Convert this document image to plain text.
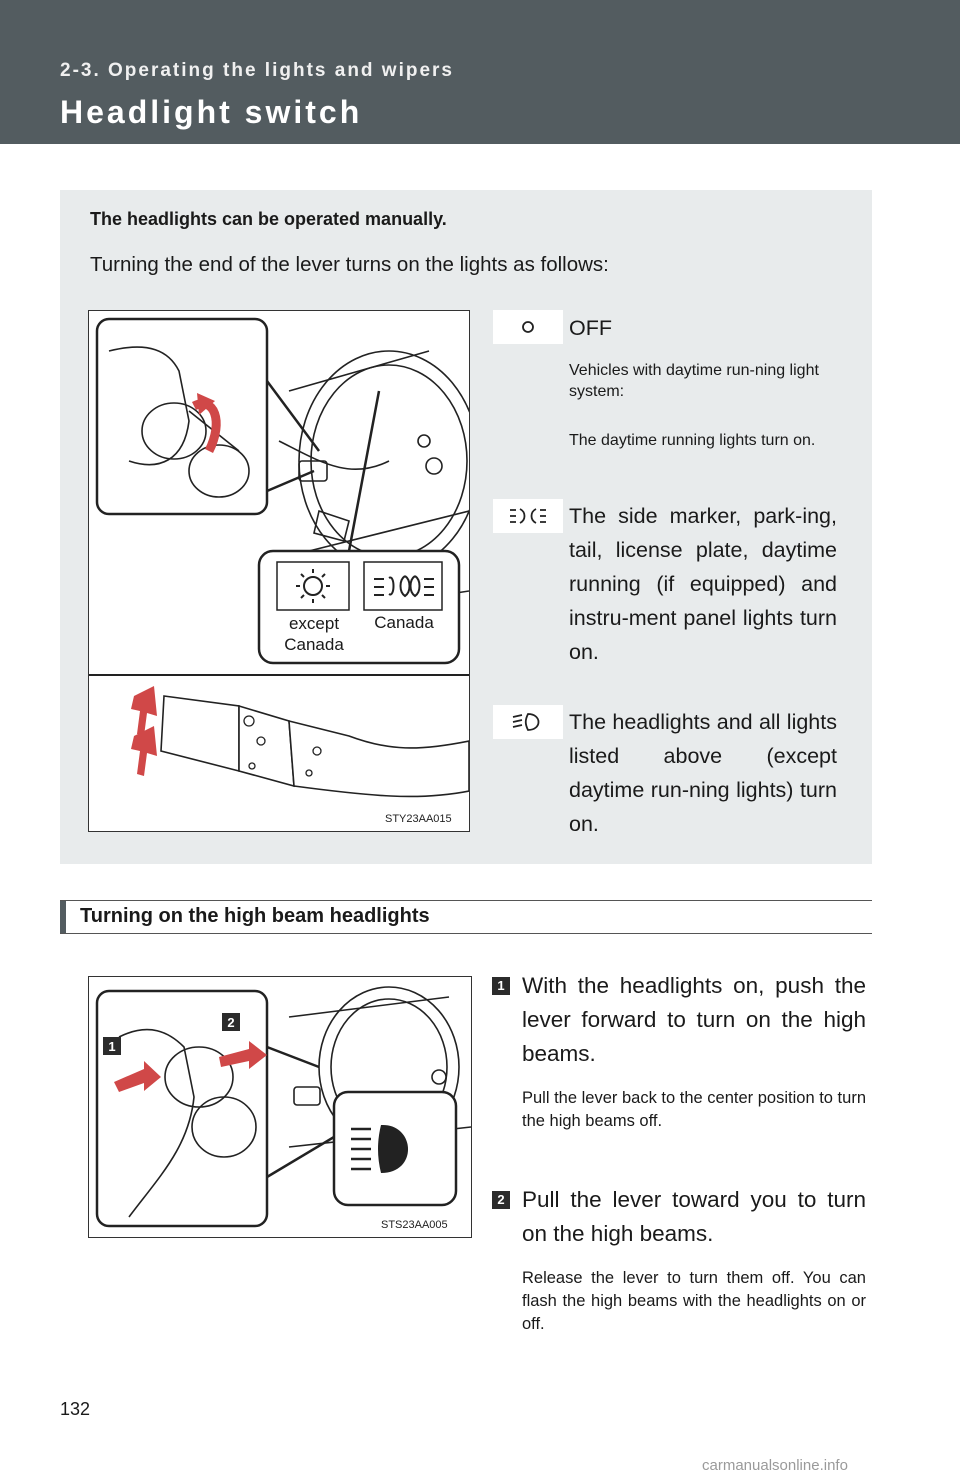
2-3. Operating the lights and wipers
Headlight switch
The headlights can be operated manually.
Turning the end of the lever turns on the lights as follows:
STY23AA015
except
Canada
Canada
OFF
Vehicles with daytime run-ning light system:
The daytime running lights turn on.
The side marker, park-ing, tail, license plate, daytime running (if equipped) and instru-ment panel lights turn on.
The headlights and all lights listed above (except daytime run-ning lights) turn on.
Turning on the high beam headlights
1
2
STS23AA005
1 With the headlights on, push the lever forward to turn on the high beams.
Pull the lever back to the center position to turn the high beams off.
2 Pull the lever toward you to turn on the high beams.
Release the lever to turn them off. You can flash the high beams with the headlights on or off.
132
carmanualsonline.info
